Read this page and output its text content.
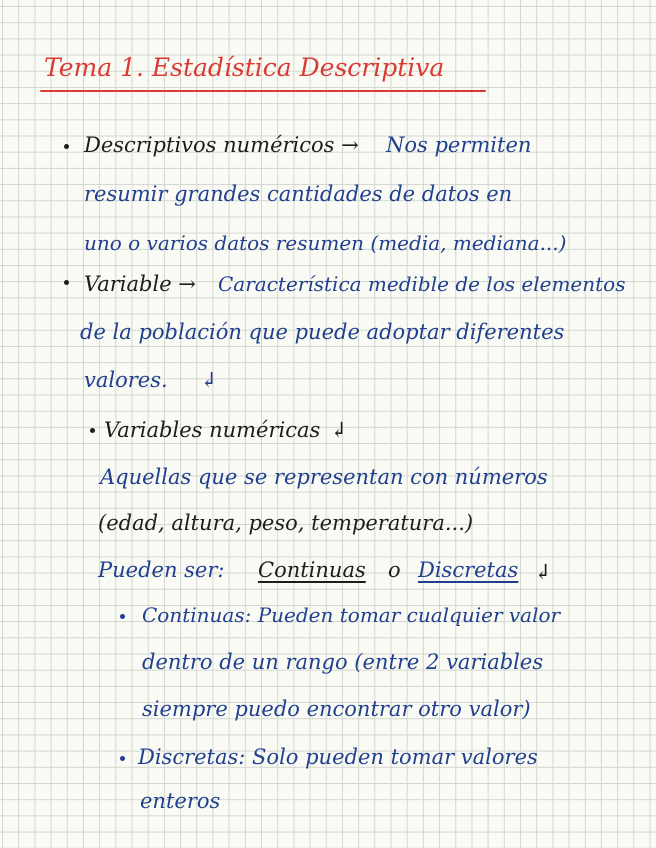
Tema 1. Estadística Descriptiva
Descriptivos numéricos → Nos permiten
resumir grandes cantidades de datos en
uno o varios datos resumen (media, mediana...)
Variable → Característica medible de los elementos
de la población que puede adoptar diferentes
valores. ↲
Variables numéricas ↲
Aquellas que se representan con números
(edad, altura, peso, temperatura...)
Pueden ser: Continuas o Discretas ↲
Continuas: Pueden tomar cualquier valor
dentro de un rango (entre 2 variables
siempre puedo encontrar otro valor)
Discretas: Solo pueden tomar valores
enteros
